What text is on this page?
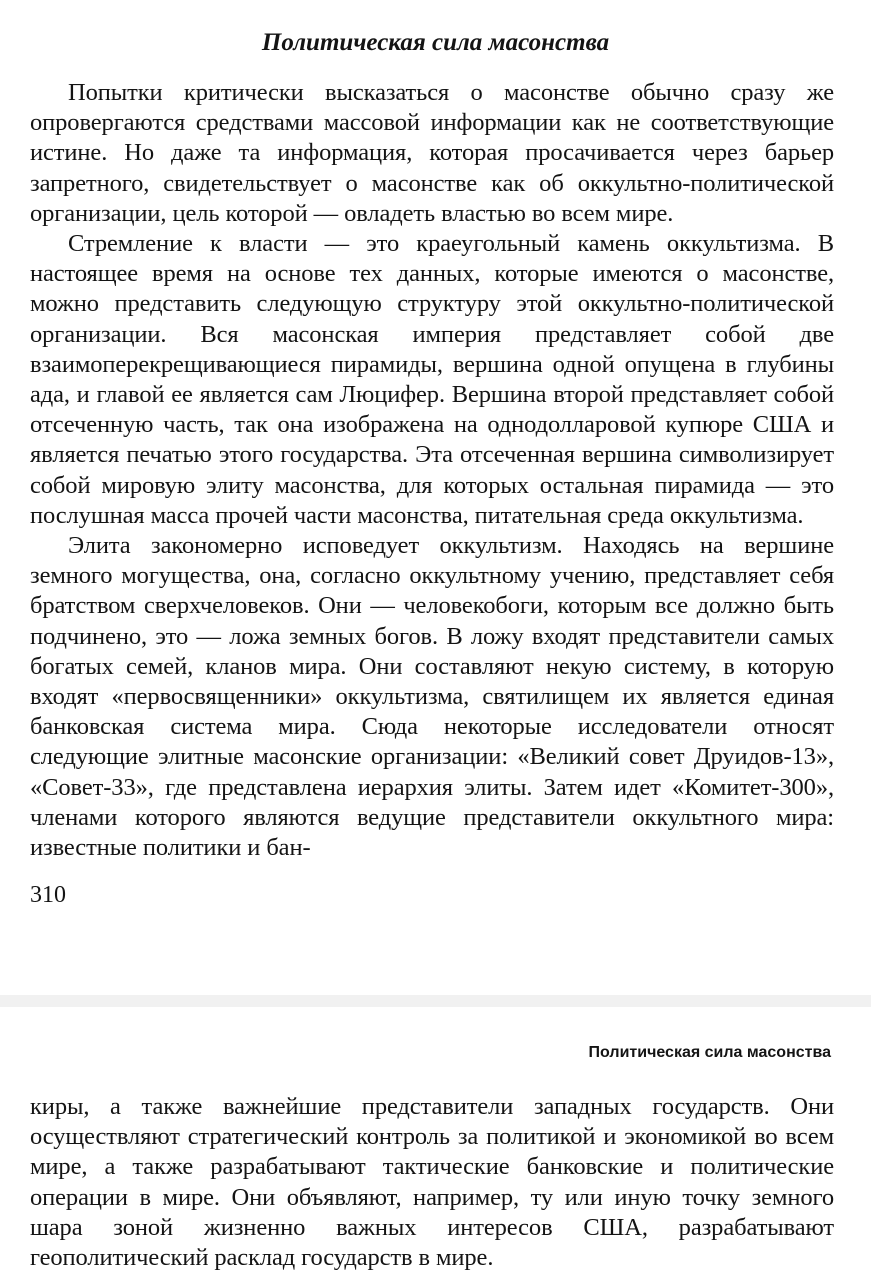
Политическая сила масонства

Попытки критически высказаться о масонстве обычно сразу же опровергаются средствами массовой информации как не соответствующие истине. Но даже та информация, которая просачивается через барьер запретного, свидетельствует о масонстве как об оккультно-политической организации, цель которой — овладеть властью во всем мире.

Стремление к власти — это краеугольный камень оккультизма. В настоящее время на основе тех данных, которые имеются о масонстве, можно представить следующую структуру этой оккультно-политической организации. Вся масонская империя представляет собой две взаимоперекрещивающиеся пирамиды, вершина одной опущена в глубины ада, и главой ее является сам Люцифер. Вершина второй представляет собой отсеченную часть, так она изображена на однодолларовой купюре США и является печатью этого государства. Эта отсеченная вершина символизирует собой мировую элиту масонства, для которых остальная пирамида — это послушная масса прочей части масонства, питательная среда оккультизма.

Элита закономерно исповедует оккультизм. Находясь на вершине земного могущества, она, согласно оккультному учению, представляет себя братством сверхчеловеков. Они — человекобоги, которым все должно быть подчинено, это — ложа земных богов. В ложу входят представители самых богатых семей, кланов мира. Они составляют некую систему, в которую входят «первосвященники» оккультизма, святилищем их является единая банковская система мира. Сюда некоторые исследователи относят следующие элитные масонские организации: «Великий совет Друидов-13», «Совет-33», где представлена иерархия элиты. Затем идет «Комитет-300», членами которого являются ведущие представители оккультного мира: известные политики и бан-

310
Политическая сила масонства

киры, а также важнейшие представители западных государств. Они осуществляют стратегический контроль за политикой и экономикой во всем мире, а также разрабатывают тактические банковские и политические операции в мире. Они объявляют, например, ту или иную точку земного шара зоной жизненно важных интересов США, разрабатывают геополитический расклад государств в мире.
